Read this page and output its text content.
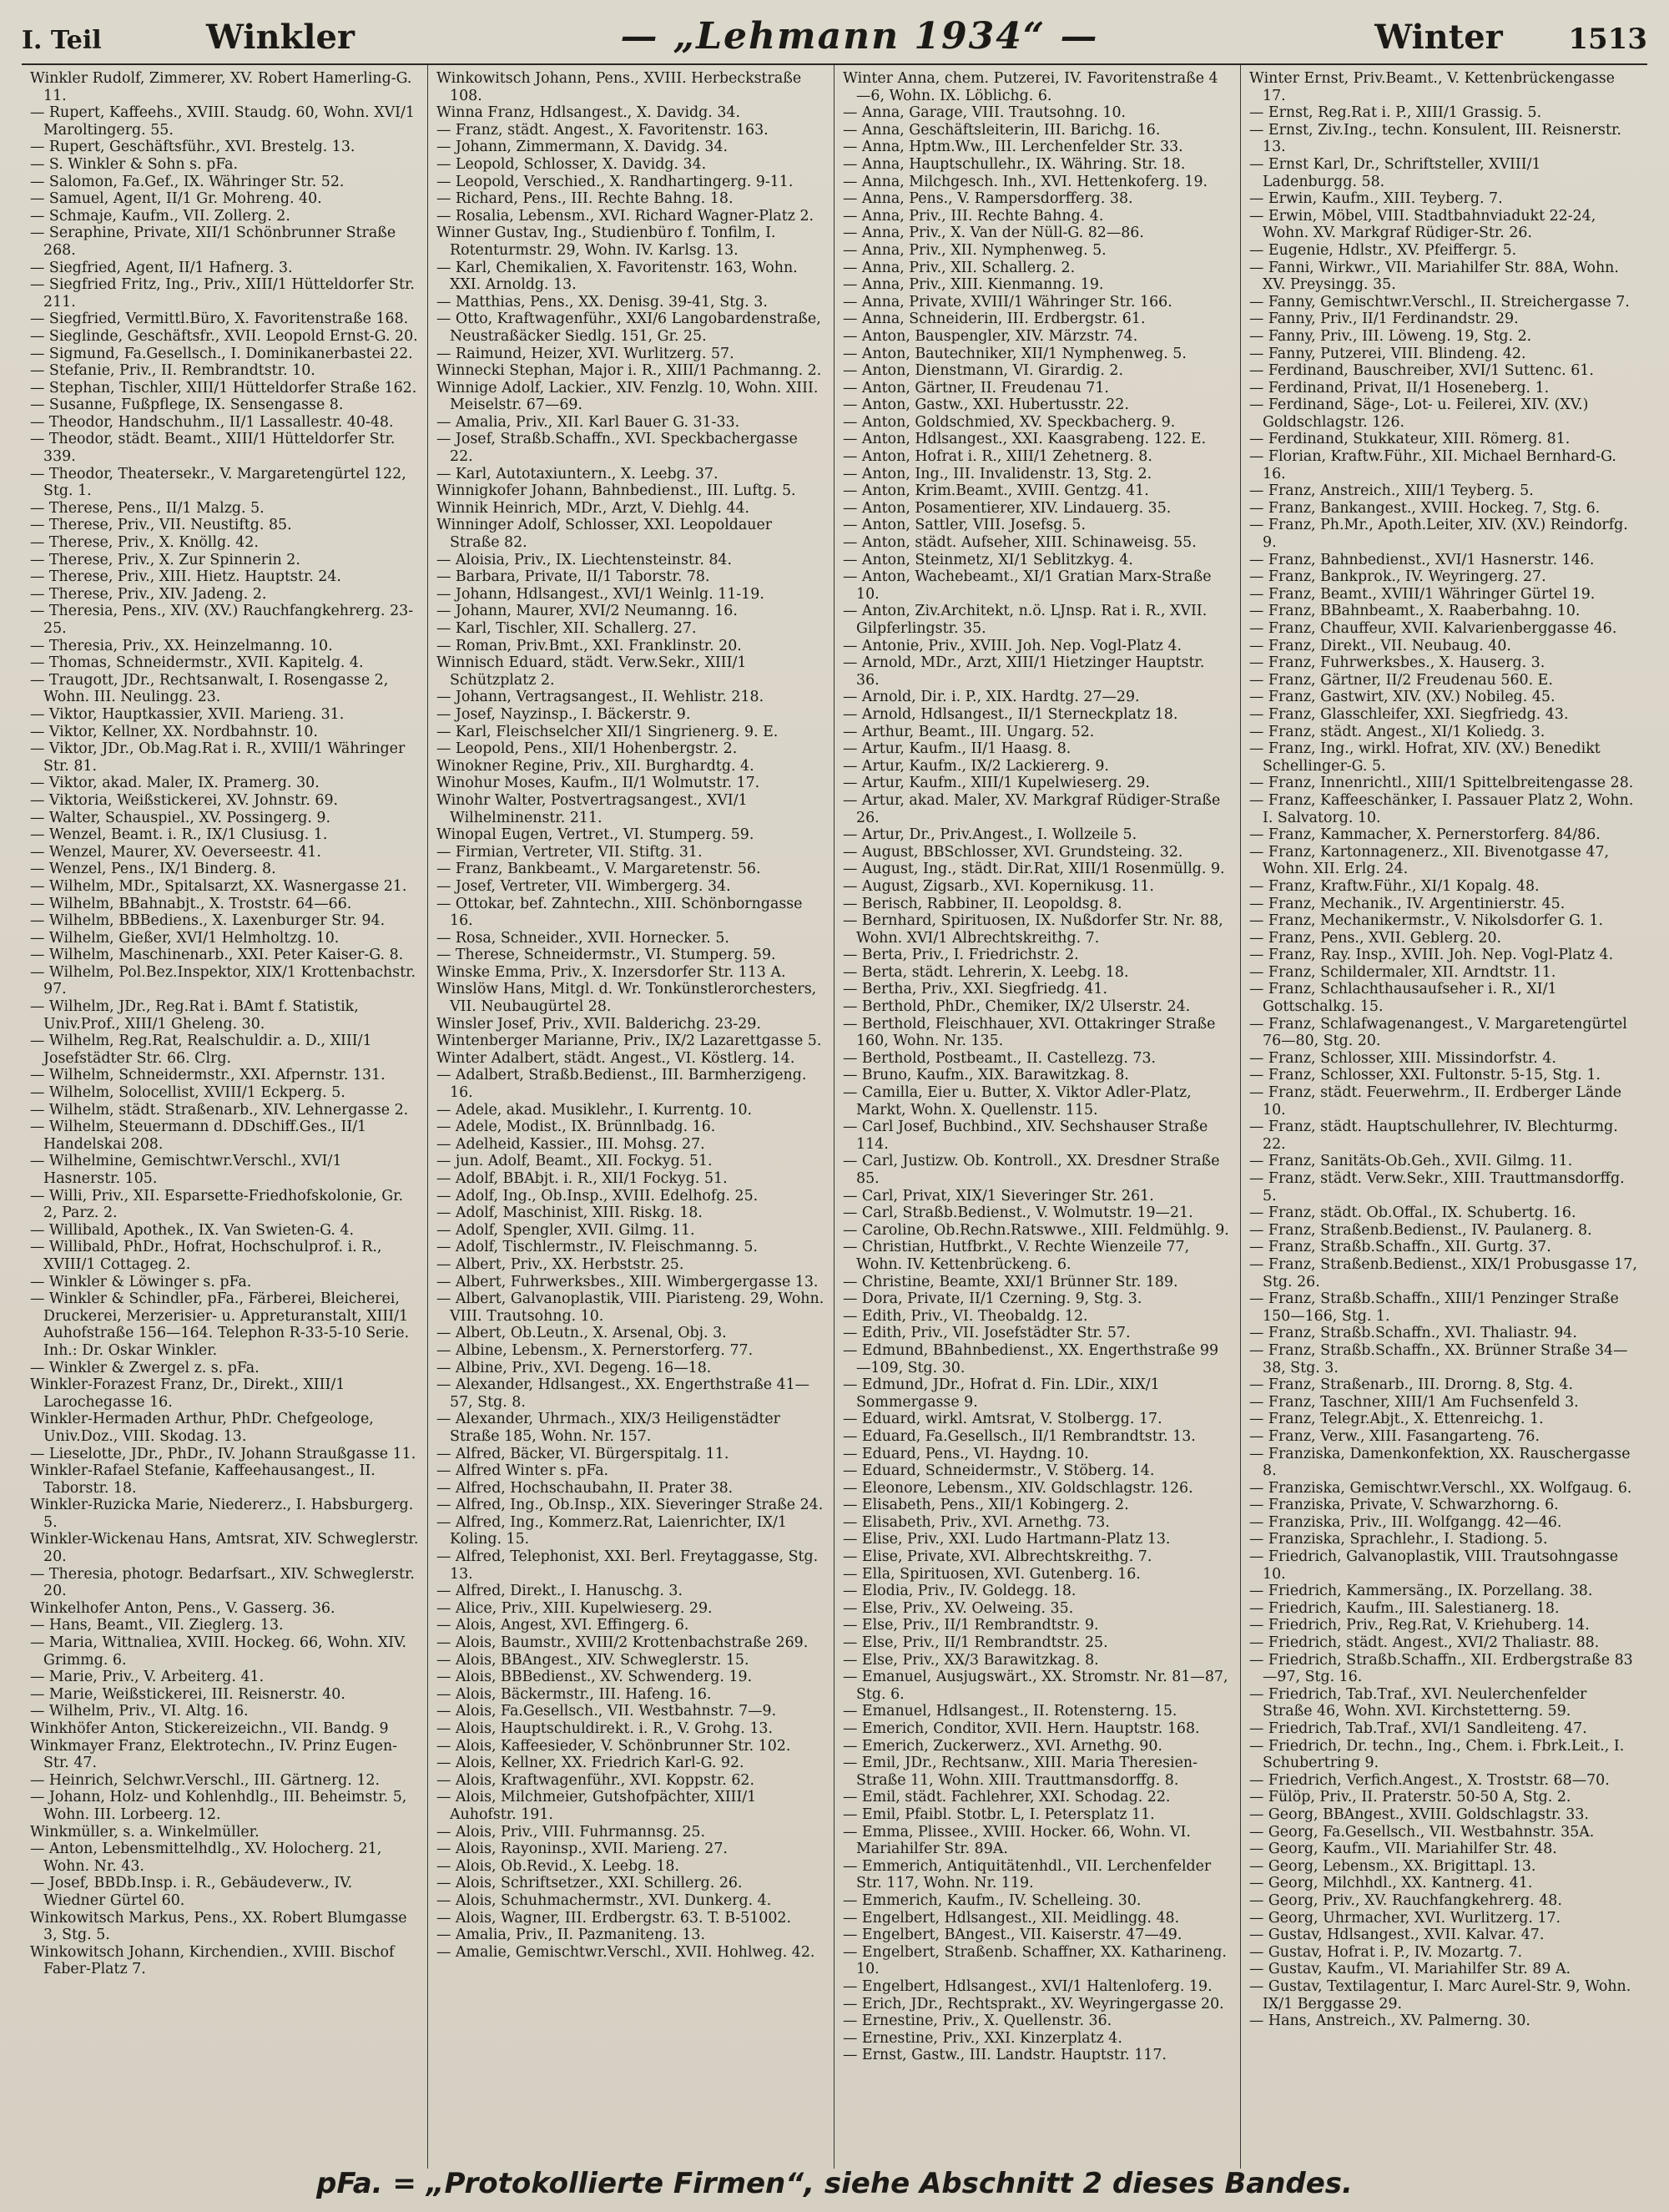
I. Teil	Winkler	— „Lehmann 1934“ —	Winter	1513

Winkler Rudolf, Zimmerer, XV. Robert Hamerling-G. 11.

— Rupert, Kaffeehs., XVIII. Staudg. 60, Wohn. XVI/1 Maroltingerg. 55.

— Rupert, Geschäftsführ., XVI. Brestelg. 13.

— S. Winkler & Sohn s. pFa.

— Salomon, Fa.Gef., IX. Währinger Str. 52.

— Samuel, Agent, II/1 Gr. Mohreng. 40.

— Schmaje, Kaufm., VII. Zollerg. 2.

— Seraphine, Private, XII/1 Schönbrunner Straße 268.

— Siegfried, Agent, II/1 Hafnerg. 3.

— Siegfried Fritz, Ing., Priv., XIII/1 Hütteldorfer Str. 211.

— Siegfried, Vermittl.Büro, X. Favoritenstraße 168.

— Sieglinde, Geschäftsfr., XVII. Leopold Ernst-G. 20.

— Sigmund, Fa.Gesellsch., I. Dominikanerbastei 22.

— Stefanie, Priv., II. Rembrandtstr. 10.

— Stephan, Tischler, XIII/1 Hütteldorfer Straße 162.

— Susanne, Fußpflege, IX. Sensengasse 8.

— Theodor, Handschuhm., II/1 Lassallestr. 40-48.

— Theodor, städt. Beamt., XIII/1 Hütteldorfer Str. 339.

— Theodor, Theatersekr., V. Margaretengürtel 122, Stg. 1.

— Therese, Pens., II/1 Malzg. 5.

— Therese, Priv., VII. Neustiftg. 85.

— Therese, Priv., X. Knöllg. 42.

— Therese, Priv., X. Zur Spinnerin 2.

— Therese, Priv., XIII. Hietz. Hauptstr. 24.

— Therese, Priv., XIV. Jadeng. 2.

— Theresia, Pens., XIV. (XV.) Rauchfangkehrerg. 23-25.

— Theresia, Priv., XX. Heinzelmanng. 10.

— Thomas, Schneidermstr., XVII. Kapitelg. 4.

— Traugott, JDr., Rechtsanwalt, I. Rosengasse 2, Wohn. III. Neulingg. 23.

— Viktor, Hauptkassier, XVII. Marieng. 31.

— Viktor, Kellner, XX. Nordbahnstr. 10.

— Viktor, JDr., Ob.Mag.Rat i. R., XVIII/1 Währinger Str. 81.

— Viktor, akad. Maler, IX. Pramerg. 30.

— Viktoria, Weißstickerei, XV. Johnstr. 69.

— Walter, Schauspiel., XV. Possingerg. 9.

— Wenzel, Beamt. i. R., IX/1 Clusiusg. 1.

— Wenzel, Maurer, XV. Oeverseestr. 41.

— Wenzel, Pens., IX/1 Binderg. 8.

— Wilhelm, MDr., Spitalsarzt, XX. Wasnergasse 21.

— Wilhelm, BBahnabjt., X. Troststr. 64—66.

— Wilhelm, BBBediens., X. Laxenburger Str. 94.

— Wilhelm, Gießer, XVI/1 Helmholtzg. 10.

— Wilhelm, Maschinenarb., XXI. Peter Kaiser-G. 8.

— Wilhelm, Pol.Bez.Inspektor, XIX/1 Krottenbachstr. 97.

— Wilhelm, JDr., Reg.Rat i. BAmt f. Statistik, Univ.Prof., XIII/1 Gheleng. 30.

— Wilhelm, Reg.Rat, Realschuldir. a. D., XIII/1 Josefstädter Str. 66. Clrg.

— Wilhelm, Schneidermstr., XXI. Afpernstr. 131.

— Wilhelm, Solocellist, XVIII/1 Eckperg. 5.

— Wilhelm, städt. Straßenarb., XIV. Lehnergasse 2.

— Wilhelm, Steuermann d. DDschiff.Ges., II/1 Handelskai 208.

— Wilhelmine, Gemischtwr.Verschl., XVI/1 Hasnerstr. 105.

— Willi, Priv., XII. Esparsette-Friedhofskolonie, Gr. 2, Parz. 2.

— Willibald, Apothek., IX. Van Swieten-G. 4.

— Willibald, PhDr., Hofrat, Hochschulprof. i. R., XVIII/1 Cottageg. 2.

— Winkler & Löwinger s. pFa.

— Winkler & Schindler, pFa., Färberei, Bleicherei, Druckerei, Merzerisier- u. Appreturanstalt, XIII/1 Auhofstraße 156—164. Telephon R-33-5-10 Serie. Inh.: Dr. Oskar Winkler.

— Winkler & Zwergel z. s. pFa.

Winkler-Forazest Franz, Dr., Direkt., XIII/1 Larochegasse 16.

Winkler-Hermaden Arthur, PhDr. Chefgeologe, Univ.Doz., VIII. Skodag. 13.

— Lieselotte, JDr., PhDr., IV. Johann Straußgasse 11.

Winkler-Rafael Stefanie, Kaffeehausangest., II. Taborstr. 18.

Winkler-Ruzicka Marie, Niedererz., I. Habsburgerg. 5.

Winkler-Wickenau Hans, Amtsrat, XIV. Schweglerstr. 20.

— Theresia, photogr. Bedarfsart., XIV. Schweglerstr. 20.

Winkelhofer Anton, Pens., V. Gasserg. 36.

— Hans, Beamt., VII. Zieglerg. 13.

— Maria, Wittnaliea, XVIII. Hockeg. 66, Wohn. XIV. Grimmg. 6.

— Marie, Priv., V. Arbeiterg. 41.

— Marie, Weißstickerei, III. Reisnerstr. 40.

— Wilhelm, Priv., VI. Altg. 16.

Winkhöfer Anton, Stickereizeichn., VII. Bandg. 9

Winkmayer Franz, Elektrotechn., IV. Prinz Eugen-Str. 47.

— Heinrich, Selchwr.Verschl., III. Gärtnerg. 12.

— Johann, Holz- und Kohlenhdlg., III. Beheimstr. 5, Wohn. III. Lorbeerg. 12.

Winkmüller, s. a. Winkelmüller.

— Anton, Lebensmittelhdlg., XV. Holocherg. 21, Wohn. Nr. 43.

— Josef, BBDb.Insp. i. R., Gebäudeverw., IV. Wiedner Gürtel 60.

Winkowitsch Markus, Pens., XX. Robert Blumgasse 3, Stg. 5.

Winkowitsch Johann, Kirchendien., XVIII. Bischof Faber-Platz 7.

Winkowitsch Johann, Pens., XVIII. Herbeckstraße 108.

Winna Franz, Hdlsangest., X. Davidg. 34.

— Franz, städt. Angest., X. Favoritenstr. 163.

— Johann, Zimmermann, X. Davidg. 34.

— Leopold, Schlosser, X. Davidg. 34.

— Leopold, Verschied., X. Randhartingerg. 9-11.

— Richard, Pens., III. Rechte Bahng. 18.

— Rosalia, Lebensm., XVI. Richard Wagner-Platz 2.

Winner Gustav, Ing., Studienbüro f. Tonfilm, I. Rotenturmstr. 29, Wohn. IV. Karlsg. 13.

— Karl, Chemikalien, X. Favoritenstr. 163, Wohn. XXI. Arnoldg. 13.

— Matthias, Pens., XX. Denisg. 39-41, Stg. 3.

— Otto, Kraftwagenführ., XXI/6 Langobardenstraße, Neustraßäcker Siedlg. 151, Gr. 25.

— Raimund, Heizer, XVI. Wurlitzerg. 57.

Winnecki Stephan, Major i. R., XIII/1 Pachmanng. 2.

Winnige Adolf, Lackier., XIV. Fenzlg. 10, Wohn. XIII. Meiselstr. 67—69.

— Amalia, Priv., XII. Karl Bauer G. 31-33.

— Josef, Straßb.Schaffn., XVI. Speckbachergasse 22.

— Karl, Autotaxiuntern., X. Leebg. 37.

Winnigkofer Johann, Bahnbedienst., III. Luftg. 5.

Winnik Heinrich, MDr., Arzt, V. Diehlg. 44.

Winninger Adolf, Schlosser, XXI. Leopoldauer Straße 82.

— Aloisia, Priv., IX. Liechtensteinstr. 84.

— Barbara, Private, II/1 Taborstr. 78.

— Johann, Hdlsangest., XVI/1 Weinlg. 11-19.

— Johann, Maurer, XVI/2 Neumanng. 16.

— Karl, Tischler, XII. Schallerg. 27.

— Roman, Priv.Bmt., XXI. Franklinstr. 20.

Winnisch Eduard, städt. Verw.Sekr., XIII/1 Schützplatz 2.

— Johann, Vertragsangest., II. Wehlistr. 218.

— Josef, Nayzinsp., I. Bäckerstr. 9.

— Karl, Fleischselcher XII/1 Singrienerg. 9. E.

— Leopold, Pens., XII/1 Hohenbergstr. 2.

Winokner Regine, Priv., XII. Burghardtg. 4.

Winohur Moses, Kaufm., II/1 Wolmutstr. 17.

Winohr Walter, Postvertragsangest., XVI/1 Wilhelminenstr. 211.

Winopal Eugen, Vertret., VI. Stumperg. 59.

— Firmian, Vertreter, VII. Stiftg. 31.

— Franz, Bankbeamt., V. Margaretenstr. 56.

— Josef, Vertreter, VII. Wimbergerg. 34.

— Ottokar, bef. Zahntechn., XIII. Schönborngasse 16.

— Rosa, Schneider., XVII. Hornecker. 5.

— Therese, Schneidermstr., VI. Stumperg. 59.

Winske Emma, Priv., X. Inzersdorfer Str. 113 A.

Winslöw Hans, Mitgl. d. Wr. Tonkünstlerorchesters, VII. Neubaugürtel 28.

Winsler Josef, Priv., XVII. Balderichg. 23-29.

Wintenberger Marianne, Priv., IX/2 Lazarettgasse 5.

Winter Adalbert, städt. Angest., VI. Köstlerg. 14.

— Adalbert, Straßb.Bedienst., III. Barmherzigeng. 16.

— Adele, akad. Musiklehr., I. Kurrentg. 10.

— Adele, Modist., IX. Brünnlbadg. 16.

— Adelheid, Kassier., III. Mohsg. 27.

— jun. Adolf, Beamt., XII. Fockyg. 51.

— Adolf, BBAbjt. i. R., XII/1 Fockyg. 51.

— Adolf, Ing., Ob.Insp., XVIII. Edelhofg. 25.

— Adolf, Maschinist, XIII. Riskg. 18.

— Adolf, Spengler, XVII. Gilmg. 11.

— Adolf, Tischlermstr., IV. Fleischmanng. 5.

— Albert, Priv., XX. Herbststr. 25.

— Albert, Fuhrwerksbes., XIII. Wimbergergasse 13.

— Albert, Galvanoplastik, VIII. Piaristeng. 29, Wohn. VIII. Trautsohng. 10.

— Albert, Ob.Leutn., X. Arsenal, Obj. 3.

— Albine, Lebensm., X. Pernerstorferg. 77.

— Albine, Priv., XVI. Degeng. 16—18.

— Alexander, Hdlsangest., XX. Engerthstraße 41—57, Stg. 8.

— Alexander, Uhrmach., XIX/3 Heiligenstädter Straße 185, Wohn. Nr. 157.

— Alfred, Bäcker, VI. Bürgerspitalg. 11.

— Alfred Winter s. pFa.

— Alfred, Hochschaubahn, II. Prater 38.

— Alfred, Ing., Ob.Insp., XIX. Sieveringer Straße 24.

— Alfred, Ing., Kommerz.Rat, Laienrichter, IX/1 Koling. 15.

— Alfred, Telephonist, XXI. Berl. Freytaggasse, Stg. 13.

— Alfred, Direkt., I. Hanuschg. 3.

— Alice, Priv., XIII. Kupelwieserg. 29.

— Alois, Angest, XVI. Effingerg. 6.

— Alois, Baumstr., XVIII/2 Krottenbachstraße 269.

— Alois, BBAngest., XIV. Schweglerstr. 15.

— Alois, BBBedienst., XV. Schwenderg. 19.

— Alois, Bäckermstr., III. Hafeng. 16.

— Alois, Fa.Gesellsch., VII. Westbahnstr. 7—9.

— Alois, Hauptschuldirekt. i. R., V. Grohg. 13.

— Alois, Kaffeesieder, V. Schönbrunner Str. 102.

— Alois, Kellner, XX. Friedrich Karl-G. 92.

— Alois, Kraftwagenführ., XVI. Koppstr. 62.

— Alois, Milchmeier, Gutshofpächter, XIII/1 Auhofstr. 191.

— Alois, Priv., VIII. Fuhrmannsg. 25.

— Alois, Rayoninsp., XVII. Marieng. 27.

— Alois, Ob.Revid., X. Leebg. 18.

— Alois, Schriftsetzer., XXI. Schillerg. 26.

— Alois, Schuhmachermstr., XVI. Dunkerg. 4.

— Alois, Wagner, III. Erdbergstr. 63. T. B-51002.

— Amalia, Priv., II. Pazmaniteng. 13.

— Amalie, Gemischtwr.Verschl., XVII. Hohlweg. 42.

Winter Anna, chem. Putzerei, IV. Favoritenstraße 4—6, Wohn. IX. Löblichg. 6.

— Anna, Garage, VIII. Trautsohng. 10.

— Anna, Geschäftsleiterin, III. Barichg. 16.

— Anna, Hptm.Ww., III. Lerchenfelder Str. 33.

— Anna, Hauptschullehr., IX. Währing. Str. 18.

— Anna, Milchgesch. Inh., XVI. Hettenkoferg. 19.

— Anna, Pens., V. Rampersdorfferg. 38.

— Anna, Priv., III. Rechte Bahng. 4.

— Anna, Priv., X. Van der Nüll-G. 82—86.

— Anna, Priv., XII. Nymphenweg. 5.

— Anna, Priv., XII. Schallerg. 2.

— Anna, Priv., XIII. Kienmanng. 19.

— Anna, Private, XVIII/1 Währinger Str. 166.

— Anna, Schneiderin, III. Erdbergstr. 61.

— Anton, Bauspengler, XIV. Märzstr. 74.

— Anton, Bautechniker, XII/1 Nymphenweg. 5.

— Anton, Dienstmann, VI. Girardig. 2.

— Anton, Gärtner, II. Freudenau 71.

— Anton, Gastw., XXI. Hubertusstr. 22.

— Anton, Goldschmied, XV. Speckbacherg. 9.

— Anton, Hdlsangest., XXI. Kaasgrabeng. 122. E.

— Anton, Hofrat i. R., XIII/1 Zehetnerg. 8.

— Anton, Ing., III. Invalidenstr. 13, Stg. 2.

— Anton, Krim.Beamt., XVIII. Gentzg. 41.

— Anton, Posamentierer, XIV. Lindauerg. 35.

— Anton, Sattler, VIII. Josefsg. 5.

— Anton, städt. Aufseher, XIII. Schinaweisg. 55.

— Anton, Steinmetz, XI/1 Seblitzkyg. 4.

— Anton, Wachebeamt., XI/1 Gratian Marx-Straße 10.

— Anton, Ziv.Architekt, n.ö. LJnsp. Rat i. R., XVII. Gilpferlingstr. 35.

— Antonie, Priv., XVIII. Joh. Nep. Vogl-Platz 4.

— Arnold, MDr., Arzt, XIII/1 Hietzinger Hauptstr. 36.

— Arnold, Dir. i. P., XIX. Hardtg. 27—29.

— Arnold, Hdlsangest., II/1 Sterneckplatz 18.

— Arthur, Beamt., III. Ungarg. 52.

— Artur, Kaufm., II/1 Haasg. 8.

— Artur, Kaufm., IX/2 Lackiererg. 9.

— Artur, Kaufm., XIII/1 Kupelwieserg. 29.

— Artur, akad. Maler, XV. Markgraf Rüdiger-Straße 26.

— Artur, Dr., Priv.Angest., I. Wollzeile 5.

— August, BBSchlosser, XVI. Grundsteing. 32.

— August, Ing., städt. Dir.Rat, XIII/1 Rosenmüllg. 9.

— August, Zigsarb., XVI. Kopernikusg. 11.

— Berisch, Rabbiner, II. Leopoldsg. 8.

— Bernhard, Spirituosen, IX. Nußdorfer Str. Nr. 88, Wohn. XVI/1 Albrechtskreithg. 7.

— Berta, Priv., I. Friedrichstr. 2.

— Berta, städt. Lehrerin, X. Leebg. 18.

— Bertha, Priv., XXI. Siegfriedg. 41.

— Berthold, PhDr., Chemiker, IX/2 Ulserstr. 24.

— Berthold, Fleischhauer, XVI. Ottakringer Straße 160, Wohn. Nr. 135.

— Berthold, Postbeamt., II. Castellezg. 73.

— Bruno, Kaufm., XIX. Barawitzkag. 8.

— Camilla, Eier u. Butter, X. Viktor Adler-Platz, Markt, Wohn. X. Quellenstr. 115.

— Carl Josef, Buchbind., XIV. Sechshauser Straße 114.

— Carl, Justizw. Ob. Kontroll., XX. Dresdner Straße 85.

— Carl, Privat, XIX/1 Sieveringer Str. 261.

— Carl, Straßb.Bedienst., V. Wolmutstr. 19—21.

— Caroline, Ob.Rechn.Ratswwe., XIII. Feldmühlg. 9.

— Christian, Hutfbrkt., V. Rechte Wienzeile 77, Wohn. IV. Kettenbrückeng. 6.

— Christine, Beamte, XXI/1 Brünner Str. 189.

— Dora, Private, II/1 Czerning. 9, Stg. 3.

— Edith, Priv., VI. Theobaldg. 12.

— Edith, Priv., VII. Josefstädter Str. 57.

— Edmund, BBahnbedienst., XX. Engerthstraße 99—109, Stg. 30.

— Edmund, JDr., Hofrat d. Fin. LDir., XIX/1 Sommergasse 9.

— Eduard, wirkl. Amtsrat, V. Stolbergg. 17.

— Eduard, Fa.Gesellsch., II/1 Rembrandtstr. 13.

— Eduard, Pens., VI. Haydng. 10.

— Eduard, Schneidermstr., V. Stöberg. 14.

— Eleonore, Lebensm., XIV. Goldschlagstr. 126.

— Elisabeth, Pens., XII/1 Kobingerg. 2.

— Elisabeth, Priv., XVI. Arnethg. 73.

— Elise, Priv., XXI. Ludo Hartmann-Platz 13.

— Elise, Private, XVI. Albrechtskreithg. 7.

— Ella, Spirituosen, XVI. Gutenberg. 16.

— Elodia, Priv., IV. Goldegg. 18.

— Else, Priv., XV. Oelweing. 35.

— Else, Priv., II/1 Rembrandtstr. 9.

— Else, Priv., II/1 Rembrandtstr. 25.

— Else, Priv., XX/3 Barawitzkag. 8.

— Emanuel, Ausjugswärt., XX. Stromstr. Nr. 81—87, Stg. 6.

— Emanuel, Hdlsangest., II. Rotensterng. 15.

— Emerich, Conditor, XVII. Hern. Hauptstr. 168.

— Emerich, Zuckerwerz., XVI. Arnethg. 90.

— Emil, JDr., Rechtsanw., XIII. Maria Theresien-Straße 11, Wohn. XIII. Trauttmansdorffg. 8.

— Emil, städt. Fachlehrer, XXI. Schodag. 22.

— Emil, Pfaibl. Stotbr. L, I. Petersplatz 11.

— Emma, Plissee., XVIII. Hocker. 66, Wohn. VI. Mariahilfer Str. 89A.

— Emmerich, Antiquitätenhdl., VII. Lerchenfelder Str. 117, Wohn. Nr. 119.

— Emmerich, Kaufm., IV. Schelleing. 30.

— Engelbert, Hdlsangest., XII. Meidlingg. 48.

— Engelbert, BAngest., VII. Kaiserstr. 47—49.

— Engelbert, Straßenb. Schaffner, XX. Katharineng. 10.

— Engelbert, Hdlsangest., XVI/1 Haltenloferg. 19.

— Erich, JDr., Rechtsprakt., XV. Weyringergasse 20.

— Ernestine, Priv., X. Quellenstr. 36.

— Ernestine, Priv., XXI. Kinzerplatz 4.

— Ernst, Gastw., III. Landstr. Hauptstr. 117.

Winter Ernst, Priv.Beamt., V. Kettenbrückengasse 17.

— Ernst, Reg.Rat i. P., XIII/1 Grassig. 5.

— Ernst, Ziv.Ing., techn. Konsulent, III. Reisnerstr. 13.

— Ernst Karl, Dr., Schriftsteller, XVIII/1 Ladenburgg. 58.

— Erwin, Kaufm., XIII. Teyberg. 7.

— Erwin, Möbel, VIII. Stadtbahnviadukt 22-24, Wohn. XV. Markgraf Rüdiger-Str. 26.

— Eugenie, Hdlstr., XV. Pfeiffergr. 5.

— Fanni, Wirkwr., VII. Mariahilfer Str. 88A, Wohn. XV. Preysingg. 35.

— Fanny, Gemischtwr.Verschl., II. Streichergasse 7.

— Fanny, Priv., II/1 Ferdinandstr. 29.

— Fanny, Priv., III. Löweng. 19, Stg. 2.

— Fanny, Putzerei, VIII. Blindeng. 42.

— Ferdinand, Bauschreiber, XVI/1 Suttenc. 61.

— Ferdinand, Privat, II/1 Hoseneberg. 1.

— Ferdinand, Säge-, Lot- u. Feilerei, XIV. (XV.) Goldschlagstr. 126.

— Ferdinand, Stukkateur, XIII. Römerg. 81.

— Florian, Kraftw.Führ., XII. Michael Bernhard-G. 16.

— Franz, Anstreich., XIII/1 Teyberg. 5.

— Franz, Bankangest., XVIII. Hockeg. 7, Stg. 6.

— Franz, Ph.Mr., Apoth.Leiter, XIV. (XV.) Reindorfg. 9.

— Franz, Bahnbedienst., XVI/1 Hasnerstr. 146.

— Franz, Bankprok., IV. Weyringerg. 27.

— Franz, Beamt., XVIII/1 Währinger Gürtel 19.

— Franz, BBahnbeamt., X. Raaberbahng. 10.

— Franz, Chauffeur, XVII. Kalvarienberggasse 46.

— Franz, Direkt., VII. Neubaug. 40.

— Franz, Fuhrwerksbes., X. Hauserg. 3.

— Franz, Gärtner, II/2 Freudenau 560. E.

— Franz, Gastwirt, XIV. (XV.) Nobileg. 45.

— Franz, Glasschleifer, XXI. Siegfriedg. 43.

— Franz, städt. Angest., XI/1 Koliedg. 3.

— Franz, Ing., wirkl. Hofrat, XIV. (XV.) Benedikt Schellinger-G. 5.

— Franz, Innenrichtl., XIII/1 Spittelbreitengasse 28.

— Franz, Kaffeeschänker, I. Passauer Platz 2, Wohn. I. Salvatorg. 10.

— Franz, Kammacher, X. Pernerstorferg. 84/86.

— Franz, Kartonnagenerz., XII. Bivenotgasse 47, Wohn. XII. Erlg. 24.

— Franz, Kraftw.Führ., XI/1 Kopalg. 48.

— Franz, Mechanik., IV. Argentinierstr. 45.

— Franz, Mechanikermstr., V. Nikolsdorfer G. 1.

— Franz, Pens., XVII. Geblerg. 20.

— Franz, Ray. Insp., XVIII. Joh. Nep. Vogl-Platz 4.

— Franz, Schildermaler, XII. Arndtstr. 11.

— Franz, Schlachthausaufseher i. R., XI/1 Gottschalkg. 15.

— Franz, Schlafwagenangest., V. Margaretengürtel 76—80, Stg. 20.

— Franz, Schlosser, XIII. Missindorfstr. 4.

— Franz, Schlosser, XXI. Fultonstr. 5-15, Stg. 1.

— Franz, städt. Feuerwehrm., II. Erdberger Lände 10.

— Franz, städt. Hauptschullehrer, IV. Blechturmg. 22.

— Franz, Sanitäts-Ob.Geh., XVII. Gilmg. 11.

— Franz, städt. Verw.Sekr., XIII. Trauttmansdorffg. 5.

— Franz, städt. Ob.Offal., IX. Schubertg. 16.

— Franz, Straßenb.Bedienst., IV. Paulanerg. 8.

— Franz, Straßb.Schaffn., XII. Gurtg. 37.

— Franz, Straßenb.Bedienst., XIX/1 Probusgasse 17, Stg. 26.

— Franz, Straßb.Schaffn., XIII/1 Penzinger Straße 150—166, Stg. 1.

— Franz, Straßb.Schaffn., XVI. Thaliastr. 94.

— Franz, Straßb.Schaffn., XX. Brünner Straße 34—38, Stg. 3.

— Franz, Straßenarb., III. Drorng. 8, Stg. 4.

— Franz, Taschner, XIII/1 Am Fuchsenfeld 3.

— Franz, Telegr.Abjt., X. Ettenreichg. 1.

— Franz, Verw., XIII. Fasangarteng. 76.

— Franziska, Damenkonfektion, XX. Rauschergasse 8.

— Franziska, Gemischtwr.Verschl., XX. Wolfgaug. 6.

— Franziska, Private, V. Schwarzhorng. 6.

— Franziska, Priv., III. Wolfgangg. 42—46.

— Franziska, Sprachlehr., I. Stadiong. 5.

— Friedrich, Galvanoplastik, VIII. Trautsohngasse 10.

— Friedrich, Kammersäng., IX. Porzellang. 38.

— Friedrich, Kaufm., III. Salestianerg. 18.

— Friedrich, Priv., Reg.Rat, V. Kriehuberg. 14.

— Friedrich, städt. Angest., XVI/2 Thaliastr. 88.

— Friedrich, Straßb.Schaffn., XII. Erdbergstraße 83—97, Stg. 16.

— Friedrich, Tab.Traf., XVI. Neulerchenfelder Straße 46, Wohn. XVI. Kirchstetterng. 59.

— Friedrich, Tab.Traf., XVI/1 Sandleiteng. 47.

— Friedrich, Dr. techn., Ing., Chem. i. Fbrk.Leit., I. Schubertring 9.

— Friedrich, Verfich.Angest., X. Troststr. 68—70.

— Fülöp, Priv., II. Praterstr. 50-50 A, Stg. 2.

— Georg, BBAngest., XVIII. Goldschlagstr. 33.

— Georg, Fa.Gesellsch., VII. Westbahnstr. 35A.

— Georg, Kaufm., VII. Mariahilfer Str. 48.

— Georg, Lebensm., XX. Brigittapl. 13.

— Georg, Milchhdl., XX. Kantnerg. 41.

— Georg, Priv., XV. Rauchfangkehrerg. 48.

— Georg, Uhrmacher, XVI. Wurlitzerg. 17.

— Gustav, Hdlsangest., XVII. Kalvar. 47.

— Gustav, Hofrat i. P., IV. Mozartg. 7.

— Gustav, Kaufm., VI. Mariahilfer Str. 89 A.

— Gustav, Textilagentur, I. Marc Aurel-Str. 9, Wohn. IX/1 Berggasse 29.

— Hans, Anstreich., XV. Palmerng. 30.

pFa. = „Protokollierte Firmen“, siehe Abschnitt 2 dieses Bandes.
